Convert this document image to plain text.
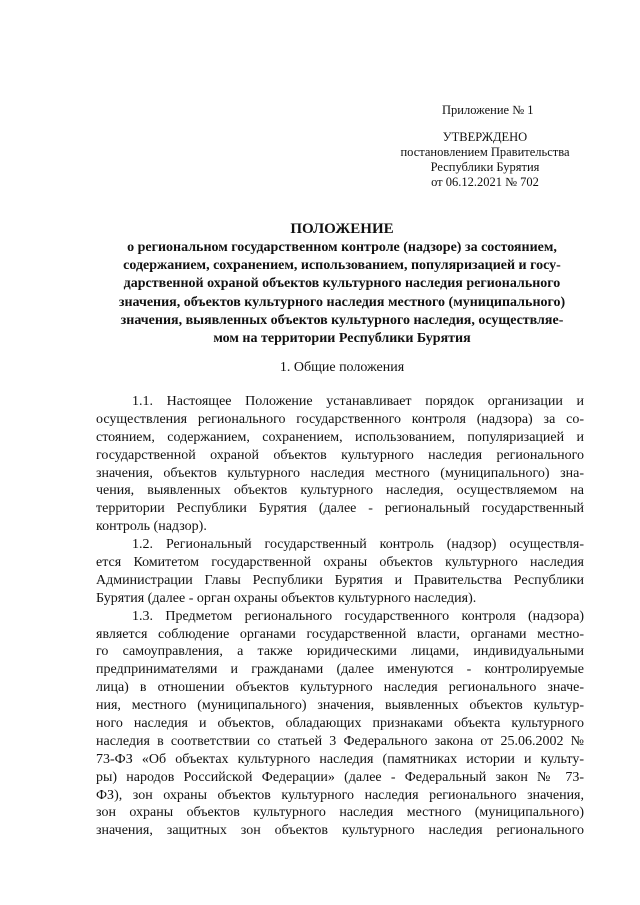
Приложение № 1
УТВЕРЖДЕНО
постановлением Правительства
Республики Бурятия
от 06.12.2021 № 702
ПОЛОЖЕНИЕ
о региональном государственном контроле (надзоре) за состоянием,
содержанием, сохранением, использованием, популяризацией и госу-
дарственной охраной объектов культурного наследия регионального
значения, объектов культурного наследия местного (муниципального)
значения, выявленных объектов культурного наследия, осуществляе-
мом на территории Республики Бурятия
1. Общие положения
1.1. Настоящее Положение устанавливает порядок организации и
осуществления регионального государственного контроля (надзора) за со-
стоянием, содержанием, сохранением, использованием, популяризацией и
государственной охраной объектов культурного наследия регионального
значения, объектов культурного наследия местного (муниципального) зна-
чения, выявленных объектов культурного наследия, осуществляемом на
территории Республики Бурятия (далее - региональный государственный
контроль (надзор).
1.2. Региональный государственный контроль (надзор) осуществля-
ется Комитетом государственной охраны объектов культурного наследия
Администрации Главы Республики Бурятия и Правительства Республики
Бурятия (далее - орган охраны объектов культурного наследия).
1.3. Предметом регионального государственного контроля (надзора)
является соблюдение органами государственной власти, органами местно-
го самоуправления, а также юридическими лицами, индивидуальными
предпринимателями и гражданами (далее именуются - контролируемые
лица) в отношении объектов культурного наследия регионального значе-
ния, местного (муниципального) значения, выявленных объектов культур-
ного наследия и объектов, обладающих признаками объекта культурного
наследия в соответствии со статьей 3 Федерального закона от 25.06.2002 №
73-ФЗ «Об объектах культурного наследия (памятниках истории и культу-
ры) народов Российской Федерации» (далее - Федеральный закон № 73-
ФЗ), зон охраны объектов культурного наследия регионального значения,
зон охраны объектов культурного наследия местного (муниципального)
значения, защитных зон объектов культурного наследия регионального
